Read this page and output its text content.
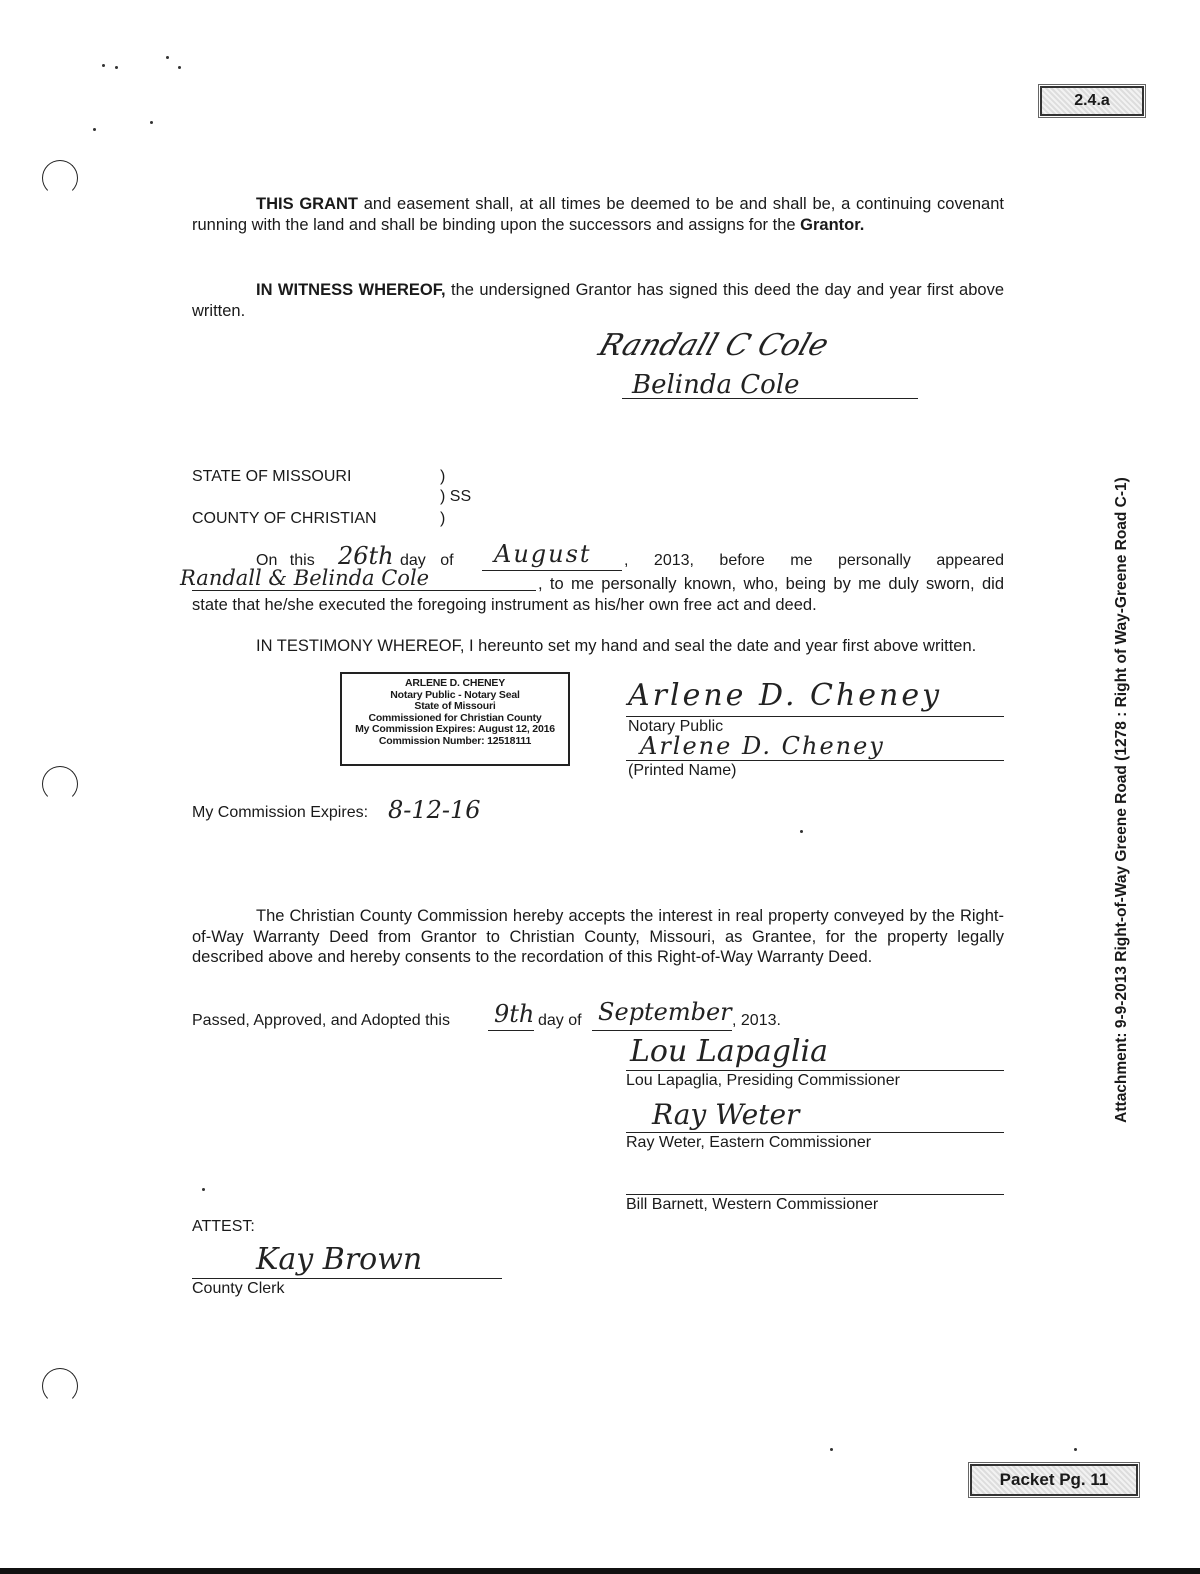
2.4.a
Attachment: 9-9-2013 Right-of-Way Greene Road (1278 : Right of Way-Greene Road C-1)
THIS GRANT and easement shall, at all times be deemed to be and shall be, a continuing covenant running with the land and shall be binding upon the successors and assigns for the Grantor.
IN WITNESS WHEREOF, the undersigned Grantor has signed this deed the day and year first above written.
Randall C Cole
Belinda Cole
STATE OF MISSOURI	)
) SS
COUNTY OF CHRISTIAN	)
On this 26th day of August , 2013, before me personally appeared
Randall & Belinda Cole	, to me personally known, who, being by me duly sworn, did state that he/she executed the foregoing instrument as his/her own free act and deed.
IN TESTIMONY WHEREOF, I hereunto set my hand and seal the date and year first above written.
ARLENE D. CHENEY
Notary Public - Notary Seal
State of Missouri
Commissioned for Christian County
My Commission Expires: August 12, 2016
Commission Number: 12518111
Arlene D. Cheney
Notary Public
Arlene D. Cheney
(Printed Name)
My Commission Expires: 8-12-16
The Christian County Commission hereby accepts the interest in real property conveyed by the Right-of-Way Warranty Deed from Grantor to Christian County, Missouri, as Grantee, for the property legally described above and hereby consents to the recordation of this Right-of-Way Warranty Deed.
Passed, Approved, and Adopted this 9th day of September , 2013.
Lou Lapaglia
Lou Lapaglia, Presiding Commissioner
Ray Weter
Ray Weter, Eastern Commissioner
Bill Barnett, Western Commissioner
ATTEST:
Kay Brown
County Clerk
Packet Pg. 11
